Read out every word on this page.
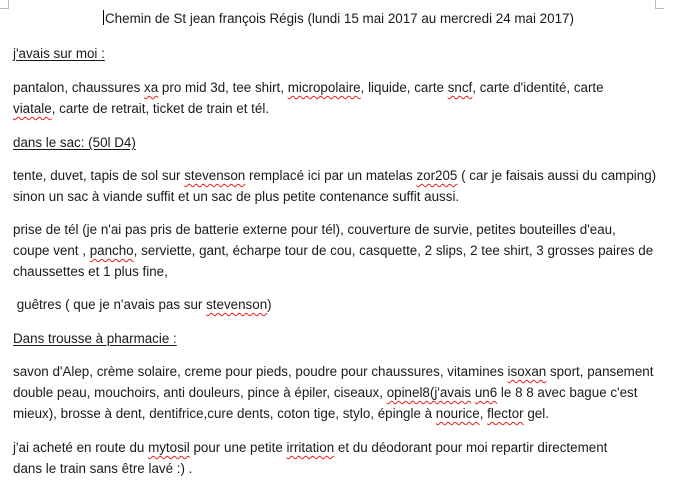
Chemin de St jean françois Régis (lundi 15 mai 2017 au mercredi 24 mai 2017)
j'avais sur moi :
pantalon, chaussures xa pro mid 3d, tee shirt, micropolaire, liquide, carte sncf, carte d'identité, carte
viatale, carte de retrait, ticket de train et tél.
dans le sac: (50l D4)
tente, duvet, tapis de sol sur stevenson remplacé ici par un matelas zor205 ( car je faisais aussi du camping)
sinon un sac à viande suffit et un sac de plus petite contenance suffit aussi.
prise de tél (je n'ai pas pris de batterie externe pour tél), couverture de survie, petites bouteilles d'eau,
coupe vent , pancho, serviette, gant, écharpe tour de cou, casquette, 2 slips, 2 tee shirt, 3 grosses paires de
chaussettes et 1 plus fine,
guêtres ( que je n'avais pas sur stevenson)
Dans trousse à pharmacie :
savon d'Alep, crème solaire, creme pour pieds, poudre pour chaussures, vitamines isoxan sport, pansement
double peau, mouchoirs, anti douleurs, pince à épiler, ciseaux, opinel8(j'avais un6 le 8 8 avec bague c'est
mieux), brosse à dent, dentifrice,cure dents, coton tige, stylo, épingle à nourice, flector gel.
j'ai acheté en route du mytosil pour une petite irritation et du déodorant pour moi repartir directement
dans le train sans être lavé :) .
